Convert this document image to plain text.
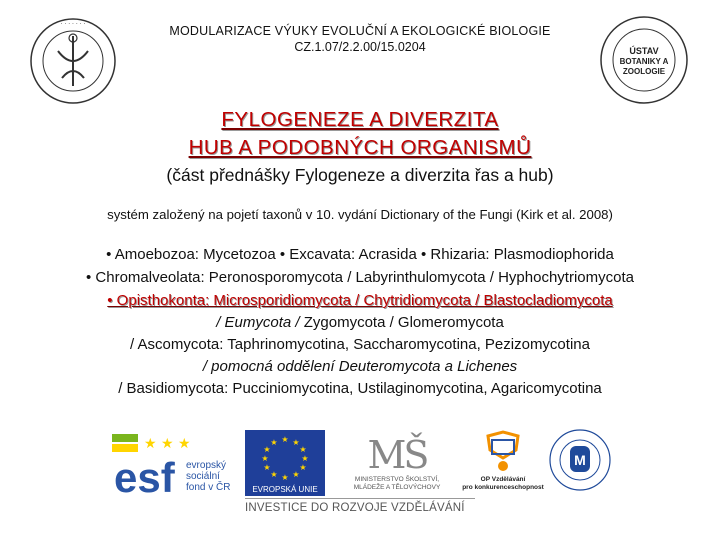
· · · · · · ·
ÚSTAV
BOTANIKY A
ZOOLOGIE
MODULARIZACE VÝUKY EVOLUČNÍ A EKOLOGICKÉ BIOLOGIE
CZ.1.07/2.2.00/15.0204
FYLOGENEZE A DIVERZITA
HUB A PODOBNÝCH ORGANISMŮ
(část přednášky Fylogeneze a diverzita řas a hub)
systém založený na pojetí taxonů v 10. vydání Dictionary of the Fungi (Kirk et al. 2008)
• Amoebozoa: Mycetozoa • Excavata: Acrasida • Rhizaria: Plasmodiophorida
• Chromalveolata: Peronosporomycota / Labyrinthulomycota / Hyphochytriomycota
• Opisthokonta: Microsporidiomycota / Chytridiomycota / Blastocladiomycota
/ Eumycota / Zygomycota / Glomeromycota
/ Ascomycota: Taphrinomycotina, Saccharomycotina, Pezizomycotina
/ pomocná oddělení Deuteromycota a Lichenes
/ Basidiomycota: Pucciniomycotina, Ustilaginomycotina, Agaricomycotina
★ ★ ★
esf evropský
sociální
fond v ČR
★ ★
★
★
★
★
★
★
★
★
★
★
EVROPSKÁ UNIE
MŠ
MINISTERSTVO ŠKOLSTVÍ,
MLÁDEŽE A TĚLOVÝCHOVY
OP Vzdělávání
pro konkurenceschopnost
M
INVESTICE DO ROZVOJE VZDĚLÁVÁNÍ
